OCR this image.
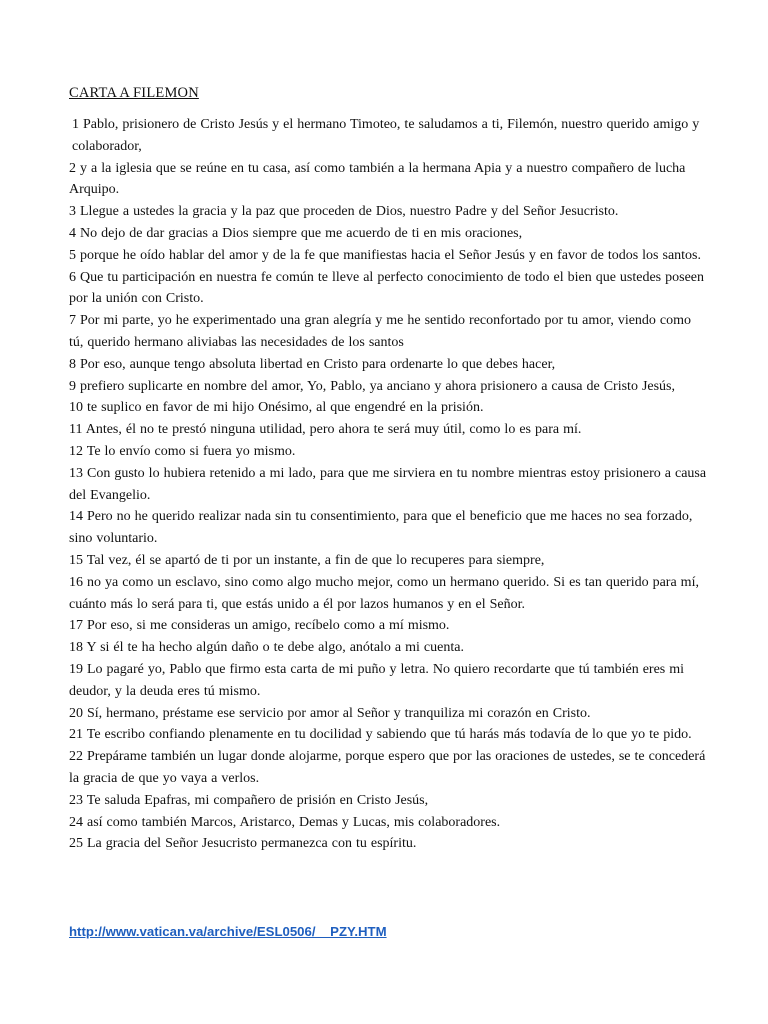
CARTA A FILEMON
1 Pablo, prisionero de Cristo Jesús y el hermano Timoteo, te saludamos a ti, Filemón, nuestro querido amigo y colaborador,
2 y a la iglesia que se reúne en tu casa, así como también a la hermana Apia y a nuestro compañero de lucha Arquipo.
3 Llegue a ustedes la gracia y la paz que proceden de Dios, nuestro Padre y del Señor Jesucristo.
4 No dejo de dar gracias a Dios siempre que me acuerdo de ti en mis oraciones,
5 porque he oído hablar del amor y de la fe que manifiestas hacia el Señor Jesús y en favor de todos los santos.
6 Que tu participación en nuestra fe común te lleve al perfecto conocimiento de todo el bien que ustedes poseen por la unión con Cristo.
7 Por mi parte, yo he experimentado una gran alegría y me he sentido reconfortado por tu amor, viendo como tú, querido hermano aliviabas las necesidades de los santos
8 Por eso, aunque tengo absoluta libertad en Cristo para ordenarte lo que debes hacer,
9 prefiero suplicarte en nombre del amor, Yo, Pablo, ya anciano y ahora prisionero a causa de Cristo Jesús,
10 te suplico en favor de mi hijo Onésimo, al que engendré en la prisión.
11 Antes, él no te prestó ninguna utilidad, pero ahora te será muy útil, como lo es para mí.
12 Te lo envío como si fuera yo mismo.
13 Con gusto lo hubiera retenido a mi lado, para que me sirviera en tu nombre mientras estoy prisionero a causa del Evangelio.
14 Pero no he querido realizar nada sin tu consentimiento, para que el beneficio que me haces no sea forzado, sino voluntario.
15 Tal vez, él se apartó de ti por un instante, a fin de que lo recuperes para siempre,
16 no ya como un esclavo, sino como algo mucho mejor, como un hermano querido. Si es tan querido para mí, cuánto más lo será para ti, que estás unido a él por lazos humanos y en el Señor.
17 Por eso, si me consideras un amigo, recíbelo como a mí mismo.
18 Y si él te ha hecho algún daño o te debe algo, anótalo a mi cuenta.
19 Lo pagaré yo, Pablo que firmo esta carta de mi puño y letra. No quiero recordarte que tú también eres mi deudor, y la deuda eres tú mismo.
20 Sí, hermano, préstame ese servicio por amor al Señor y tranquiliza mi corazón en Cristo.
21 Te escribo confiando plenamente en tu docilidad y sabiendo que tú harás más todavía de lo que yo te pido.
22 Prepárame también un lugar donde alojarme, porque espero que por las oraciones de ustedes, se te concederá la gracia de que yo vaya a verlos.
23 Te saluda Epafras, mi compañero de prisión en Cristo Jesús,
24 así como también Marcos, Aristarco, Demas y Lucas, mis colaboradores.
25 La gracia del Señor Jesucristo permanezca con tu espíritu.
http://www.vatican.va/archive/ESL0506/__PZY.HTM
